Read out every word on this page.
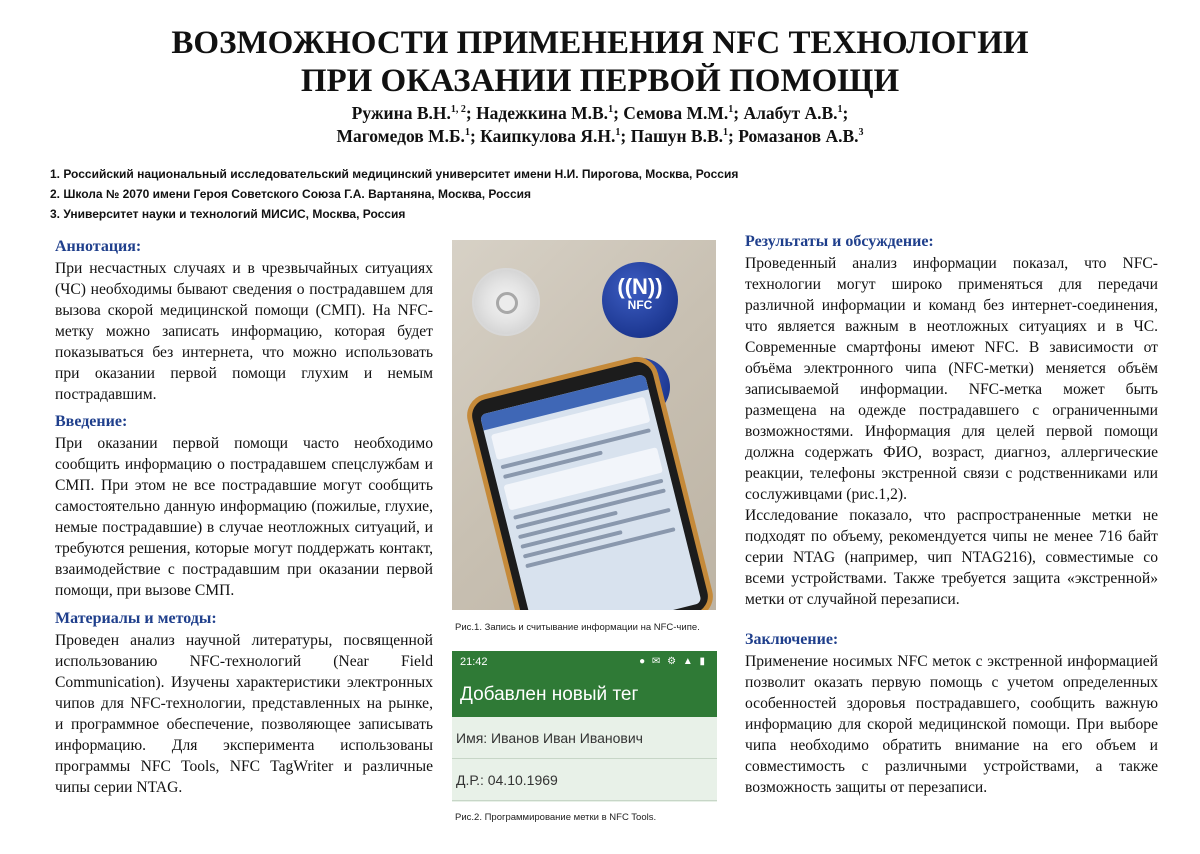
ВОЗМОЖНОСТИ ПРИМЕНЕНИЯ NFC ТЕХНОЛОГИИ
ПРИ ОКАЗАНИИ ПЕРВОЙ ПОМОЩИ
Ружина В.Н.$^{1, 2}$; Надежкина М.В.$^1$; Семова М.М.$^1$; Алабут А.В.$^1$;
Магомедов М.Б.$^1$; Каипкулова Я.Н.$^1$; Пашун В.В.$^1$; Ромазанов А.В.$^3$
1. Российский национальный исследовательский медицинский университет имени Н.И. Пирогова, Москва, Россия
2. Школа № 2070 имени Героя Советского Союза Г.А. Вартаняна, Москва, Россия
3. Университет науки и технологий МИСИС, Москва, Россия
Аннотация:

При несчастных случаях и в чрезвычайных ситуациях (ЧС) необходимы бывают сведения о пострадавшем для вызова скорой медицинской помощи (СМП). На NFC-метку можно записать информацию, которая будет показываться без интернета, что можно использовать при оказании первой помощи глухим и немым пострадавшим.

Введение:

При оказании первой помощи часто необходимо сообщить информацию о пострадавшем спецслужбам и СМП. При этом не все пострадавшие могут сообщить самостоятельно данную информацию (пожилые, глухие, немые пострадавшие) в случае неотложных ситуаций, и требуются решения, которые могут поддержать контакт, взаимодействие с пострадавшим при оказании первой помощи, при вызове СМП.

Материалы и методы:

Проведен анализ научной литературы, посвященной использованию NFC-технологий (Near Field Communication). Изучены характеристики электронных чипов для NFC-технологии, представленных на рынке, и программное обеспечение, позволяющее записывать информацию. Для эксперимента использованы программы NFC Tools, NFC TagWriter и различные чипы серии NTAG.

((N))
NFC
Рис.1. Запись и считывание информации на NFC-чипе.
21:42	● ✉ ⚙ ▲ ▮
Добавлен новый тег
Имя: Иванов Иван Иванович
Д.Р.: 04.10.1969
Рис.2. Программирование метки в NFC Tools.
Результаты и обсуждение:

Проведенный анализ информации показал, что NFC-технологии могут широко применяться для передачи различной информации и команд без интернет-соединения, что является важным в неотложных ситуациях и в ЧС. Современные смартфоны имеют NFC. В зависимости от объёма электронного чипа (NFC-метки) меняется объём записываемой информации. NFC-метка может быть размещена на одежде пострадавшего с ограниченными возможностями. Информация для целей первой помощи должна содержать ФИО, возраст, диагноз, аллергические реакции, телефоны экстренной связи с родственниками или сослуживцами (рис.1,2).

Исследование показало, что распространенные метки не подходят по объему, рекомендуется чипы не менее 716 байт серии NTAG (например, чип NTAG216), совместимые со всеми устройствами. Также требуется защита «экстренной» метки от случайной перезаписи.

Заключение:

Применение носимых NFC меток с экстренной информацией позволит оказать первую помощь с учетом определенных особенностей здоровья пострадавшего, сообщить важную информацию для скорой медицинской помощи. При выборе чипа необходимо обратить внимание на его объем и совместимость с различными устройствами, а также возможность защиты от перезаписи.
